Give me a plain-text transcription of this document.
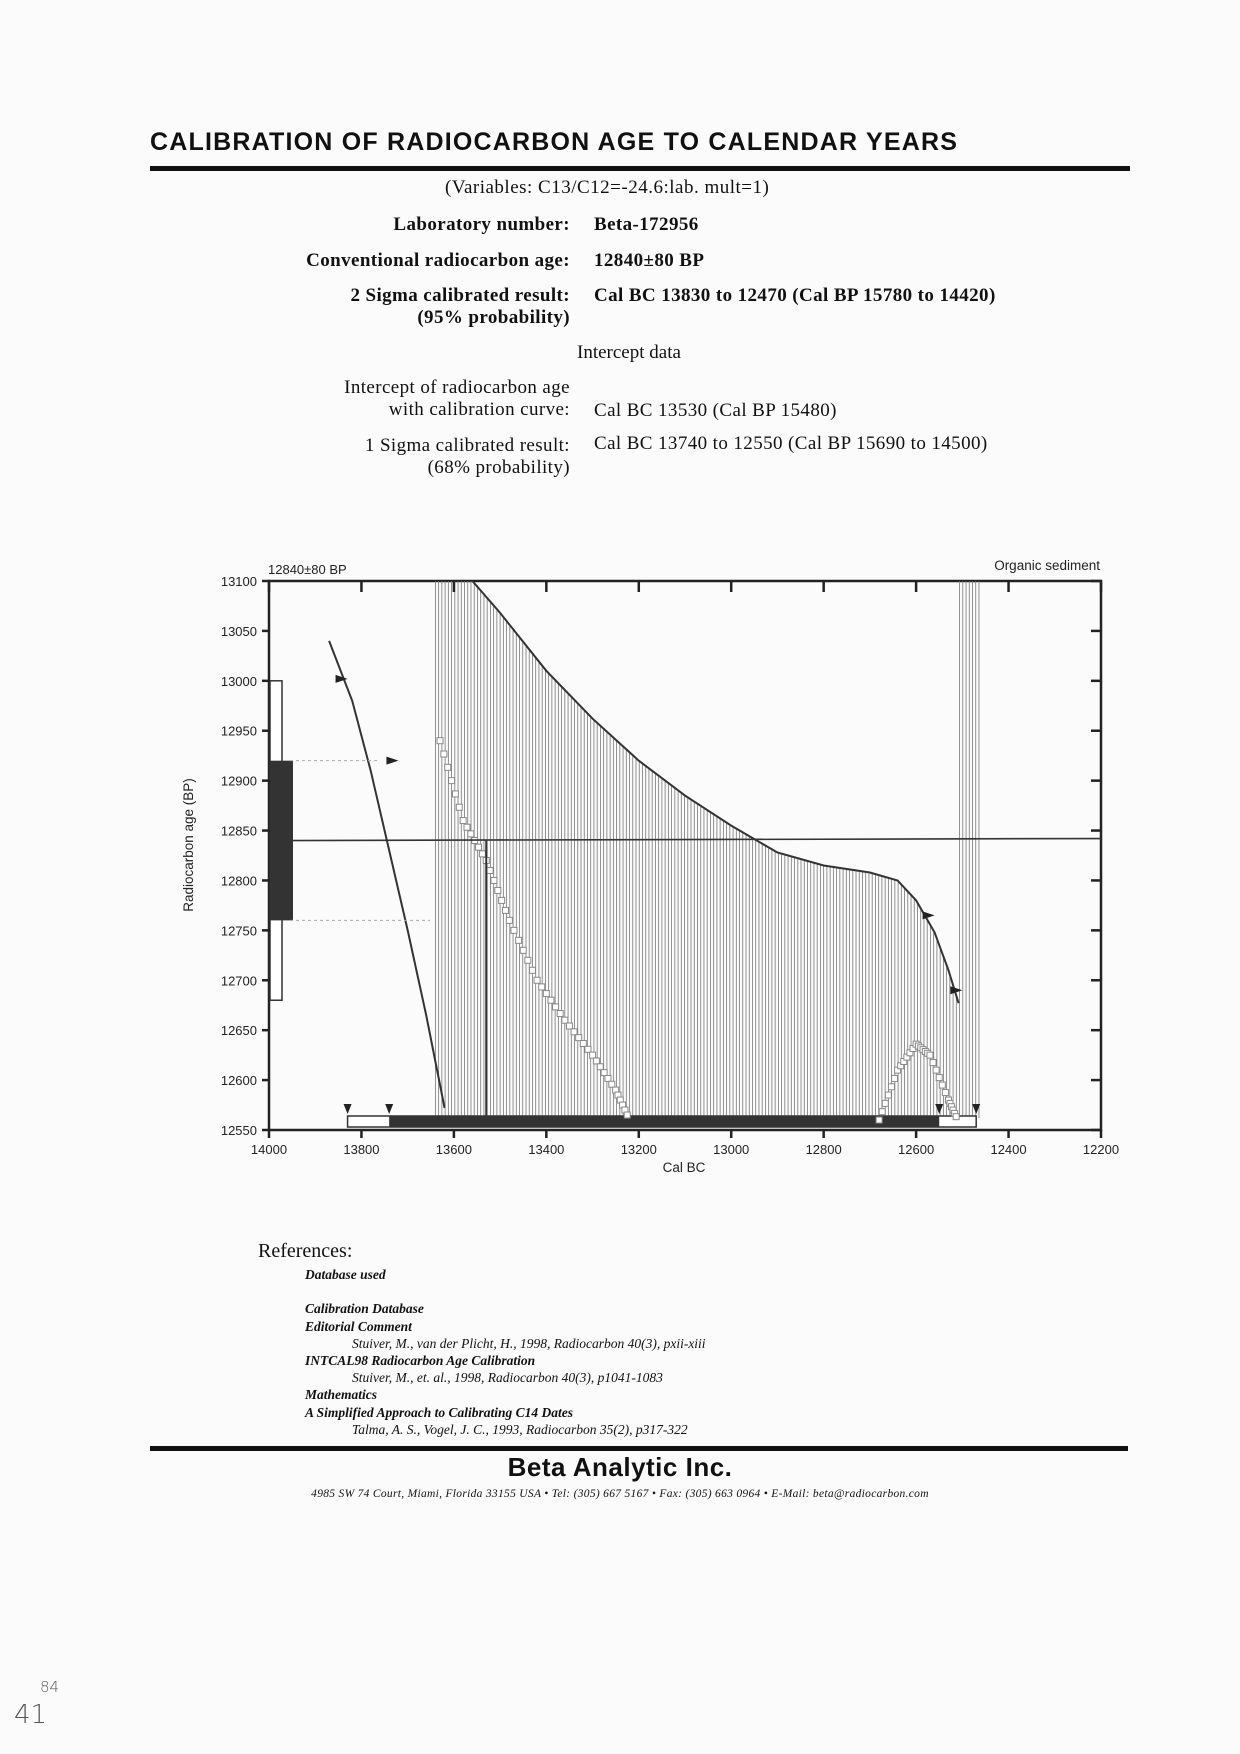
CALIBRATION OF RADIOCARBON AGE TO CALENDAR YEARS
(Variables: C13/C12=-24.6:lab. mult=1)
Laboratory number: Beta-172956
Conventional radiocarbon age: 12840±80 BP
2 Sigma calibrated result:
(95% probability)
Cal BC 13830 to 12470 (Cal BP 15780 to 14420)
Intercept data
Intercept of radiocarbon age
with calibration curve: Cal BC 13530 (Cal BP 15480)
1 Sigma calibrated result:
(68% probability)
Cal BC 13740 to 12550 (Cal BP 15690 to 14500)
13100
13050
13000
12950
12900
12850
12800
12750
12700
12650
12600
12550
14000	13800	13600	13400	13200	13000	12800	12600	12400	12200
12840±80 BP	Organic sediment
Cal BC
Radiocarbon age (BP)
References:
Database used

Calibration Database
Editorial Comment
Stuiver, M., van der Plicht, H., 1998, Radiocarbon 40(3), pxii-xiii
INTCAL98 Radiocarbon Age Calibration
Stuiver, M., et. al., 1998, Radiocarbon 40(3), p1041-1083
Mathematics
A Simplified Approach to Calibrating C14 Dates
Talma, A. S., Vogel, J. C., 1993, Radiocarbon 35(2), p317-322
Beta Analytic Inc.
4985 SW 74 Court, Miami, Florida 33155 USA • Tel: (305) 667 5167 • Fax: (305) 663 0964 • E-Mail: beta@radiocarbon.com
41
84
